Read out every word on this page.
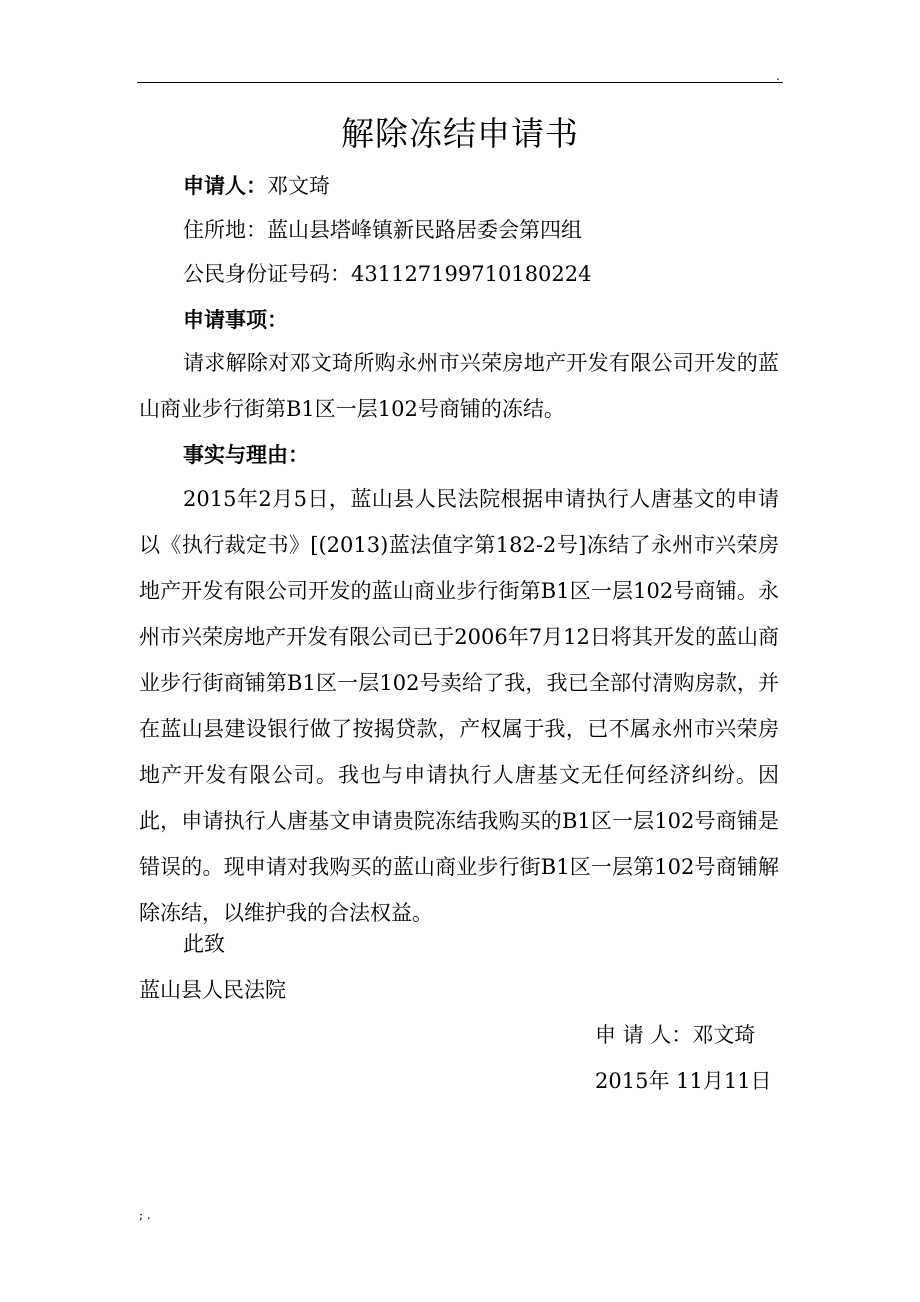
.
解除冻结申请书
申请人：邓文琦
住所地：蓝山县塔峰镇新民路居委会第四组
公民身份证号码：431127199710180224
申请事项：
请求解除对邓文琦所购永州市兴荣房地产开发有限公司开发的蓝山商业步行街第B1区一层102号商铺的冻结。
事实与理由：
2015年2月5日，蓝山县人民法院根据申请执行人唐基文的申请以《执行裁定书》[(2013)蓝法值字第182-2号]冻结了永州市兴荣房地产开发有限公司开发的蓝山商业步行街第B1区一层102号商铺。永州市兴荣房地产开发有限公司已于2006年7月12日将其开发的蓝山商业步行街商铺第B1区一层102号卖给了我，我已全部付清购房款，并在蓝山县建设银行做了按揭贷款，产权属于我，已不属永州市兴荣房地产开发有限公司。我也与申请执行人唐基文无任何经济纠纷。因此，申请执行人唐基文申请贵院冻结我购买的B1区一层102号商铺是错误的。现申请对我购买的蓝山商业步行街B1区一层第102号商铺解除冻结，以维护我的合法权益。
此致
蓝山县人民法院
申 请 人：邓文琦
2015年 11月11日
; .
